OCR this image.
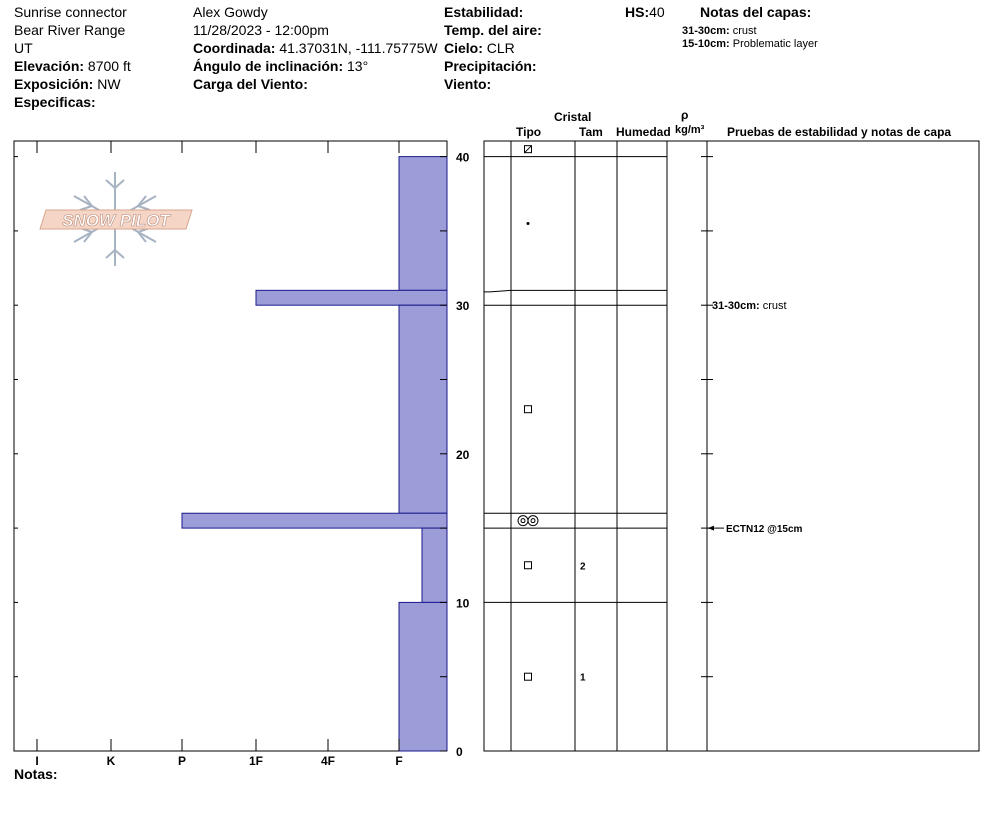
Sunrise connector
Bear River Range
UT
Elevación: 8700 ft
Exposición: NW
Especificas:
Alex Gowdy
11/28/2023 - 12:00pm
Coordinada: 41.37031N, -111.75775W
Ángulo de inclinación: 13°
Carga del Viento:
Estabilidad:
Temp. del aire:
Cielo: CLR
Precipitación:
Viento:
HS:40	Notas del capas:
31-30cm: crust
15-10cm: Problematic layer
Cristal
Tipo	Tam Humedad
ρ
kg/m³ Pruebas de estabilidad y notas de capa
Notas:
SNOW PILOT
I	K	P	1F	4F	F
0
10
20
30
40
2
1
31-30cm: crust
ECTN12 @15cm
